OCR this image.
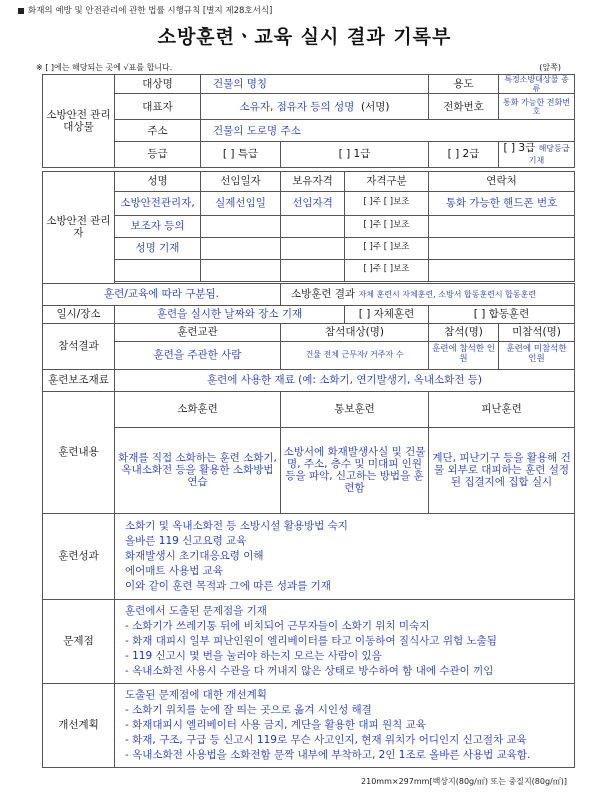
화재의 예방 및 안전관리에 관한 법률 시행규칙 [별지 제28호서식]
소방훈련ㆍ교육 실시 결과 기록부
※ [ ]에는 해당되는 곳에 √표를 합니다.	(앞쪽)
소방안전 관리대상물	대상명	건물의 명칭			용도	특정소방대상물 종류
	대표자	소유자, 점유자 등의 성명 (서명)			전화번호	통화 가능한 전화번호
	주소	건물의 도로명 주소				
	등급	[ ] 특급	[ ] 1급		[ ] 2급	[ ] 3급 해당등급 기재

소방안전 관리자	성명	선임일자	보유자격	자격구분	연락처	
	소방안전관리자,	실제선임일	선임자격	[ ]주 [ ]보조	통화 가능한 핸드폰 번호	
	보조자 등의			[ ]주 [ ]보조		
	성명 기재			[ ]주 [ ]보조		
				[ ]주 [ ]보조		

훈련/교육에 따라 구분됨.			소방훈련 결과 자체 훈련시 자체훈련, 소방서 합동훈련시 합동훈련			
일시/장소	훈련을 실시한 날짜와 장소 기재			[ ] 자체훈련	[ ] 합동훈련	
참석결과	훈련교관		참석대상(명)		참석(명)	미참석(명)
	훈련을 주관한 사람		건물 전체 근무자/ 거주자 수		훈련에 참석한 인원	훈련에 미참석한 인원
훈련보조재료	훈련에 사용한 재료 (예: 소화기, 연기발생기, 옥내소화전 등)					
훈련내용	소화훈련		통보훈련		피난훈련	
	화재를 직접 소화하는 훈련 소화기, 옥내소화전 등을 활용한 소화방법 연습		소방서에 화재발생사실 및 건물명, 주소, 층수 및 미대피 인원 등을 파악, 신고하는 방법을 훈련함		계단, 피난기구 등을 활용해 건물 외부로 대피하는 훈련 설정된 집결지에 집합 실시	
훈련성과	소화기 및 옥내소화전 등 소방시설 활용방법 숙지
올바른 119 신고요령 교육
화재발생시 초기대응요령 이해
에어매트 사용법 교육
이와 같이 훈련 목적과 그에 따른 성과를 기재					

문제점	훈련에서 도출된 문제점을 기재
- 소화기가 쓰레기통 뒤에 비치되어 근무자들이 소화기 위치 미숙지
- 화재 대피시 일부 피난인원이 엘리베이터를 타고 이동하여 질식사고 위험 노출됨
- 119 신고시 몇 번을 눌러야 하는지 모르는 사람이 있음
- 옥내소화전 사용시 수관을 다 꺼내지 않은 상태로 방수하여 함 내에 수관이 끼임					

개선계획	도출된 문제점에 대한 개선계획
- 소화기 위치를 눈에 잘 띄는 곳으로 옮겨 시인성 해결
- 화재대피시 엘리베이터 사용 금지, 계단을 활용한 대피 원칙 교육
- 화재, 구조, 구급 등 신고시 119로 무슨 사고인지, 현재 위치가 어디인지 신고절차 교육
- 옥내소화전 사용법을 소화전함 문짝 내부에 부착하고, 2인 1조로 올바른 사용법 교육함.					
210mm×297mm[백상지(80g/㎡) 또는 중질지(80g/㎡)]
